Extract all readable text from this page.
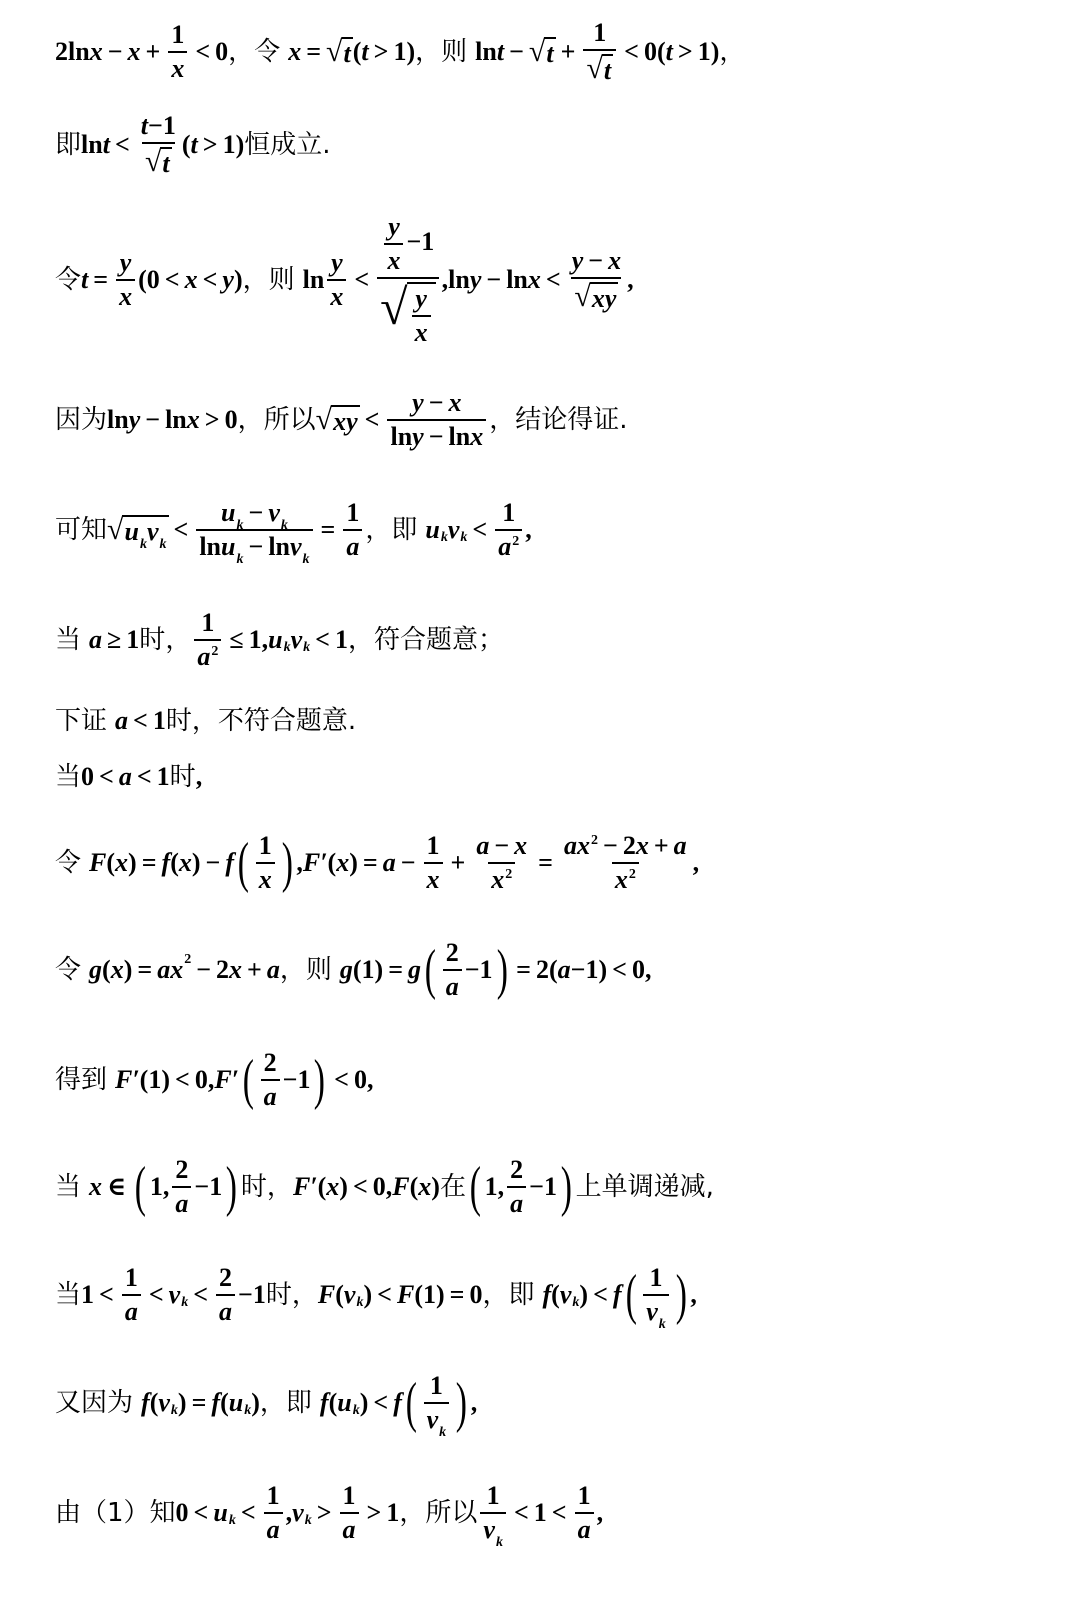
$2\ln x - x + \frac{1}{x} < 0$ ， 令 x = √ t (t > 1) ， 则 lnt − √ $t + \frac{1}{√ t} < 0(t > 1)$ ，
即 $\ln t < \frac{t-1}{√ t} (t > 1)$ 恒成立.
令 $t = \frac{y}{x} (0 < x < y)$ ， 则 $\ln \frac{y}{x} < \frac{\frac{y}{x} -1}{√ \frac{y}{x}} ,\ln y - \ln x < \frac{y - x}{√ xy}$ ,
因为 lny − lnx > 0 ， 所以 √ xy < $\frac{y - x}{\ln y - \ln x}$ ， 结论得证.
可知 √ $u_kv_k$
< $\frac{u_k - v_k}{\ln u_k - \ln v_k} = \frac{1}{a}$ ， 即 u k v $k < \frac{1}{a^2}$ ,
当 a ≥ 1 时 ， $\frac{1}{a^2} \le 1$, u k v k < 1 ， 符合题意；
下证 a < 1 时，不符合题意.
当 0 < a < 1 时 ,
令 F ( x ) = f ( x ) − f ( $\frac{1}{x}$ ) , F′ ( x ) = $a - \frac{1}{x} + \frac{a - x}{x^2} = \frac{ax^2 - 2x + a}{x^2}$ ,
令 g ( x ) = ax 2 − 2x + a ， 则 g (1) = g ( $\frac{2}{a} -1$ ) = 2( a −1) < 0 ,
得到 F′ (1) < 0, F′ ( $\frac{2}{a} -1$ ) < 0 ,
当 x ∈ ( 1, $\frac{2}{a} -1$ ) 时 ， F′ ( x ) < 0, F ( x ) 在 ( 1, $\frac{2}{a} -1$ ) 上单调递减,
当 $1 < \frac{1}{a} < v$ $k < \frac{2}{a} -1$ 时 ， F ( v k ) < F (1) = 0 ， 即 f ( v k ) < f ( $\frac{1}{v_k}$ ) ,
又因为 f ( v k ) = f ( u k ) ， 即 f ( u k ) < f ( $\frac{1}{v_k}$ ) ,
由（1）知 0 < u $k < \frac{1}{a}$ , v $k > \frac{1}{a} > 1$ ， 所以 $\frac{1}{v_k} < 1 < \frac{1}{a}$ ,
